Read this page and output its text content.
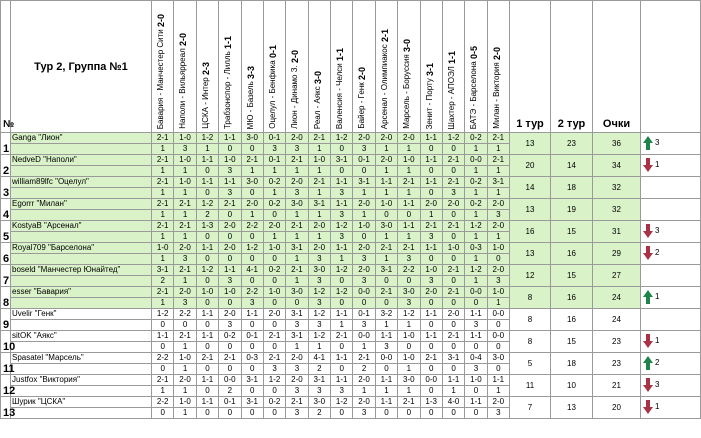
№	Тур 2, Группа №1	Бавария - Манчестер Сити 2-0	Наполи - Вильярреал 2-0	ЦСКА - Интер 2-3	Трабзонспор - Лилль 1-1	МЮ - Базель 3-3	Оцелул - Бенфика 0-1	Лион - Динамо З. 2-0	Реал - Аякс 3-0	Валенсия - Челси 1-1	Байер - Генк 2-0	Арсенал - Олимпиакос 2-1	Марсель - Боруссия 3-0	Зенит - Порту 3-1	Шахтер - АПОЭЛ 1-1	БАТЭ - Барселона 0-5	Милан - Виктория 2-0	1 тур	2 тур	Очки	
1	Ganga "Лион"	2-1	1-0	1-2	1-1	3-0	0-1	2-0	2-1	1-2	2-0	2-0	2-0	1-1	1-2	0-2	2-1	13	23	36	3

		1	3	1	0	0	3	3	1	0	3	1	1	0	0	1	1				
2	NedveD "Наполи"	2-1	1-0	1-1	1-0	2-1	0-1	2-1	1-0	3-1	0-1	2-0	1-0	1-1	2-1	0-0	2-1	20	14	34	1

		1	1	0	3	1	1	1	1	0	0	1	1	0	0	1	1				
3	william89lfc "Оцелул"	2-1	1-0	1-1	1-1	3-0	0-2	2-0	2-1	1-1	3-1	1-1	2-1	1-1	2-1	0-2	3-1	14	18	32	
		1	1	0	3	0	1	3	1	3	1	1	1	0	3	1	1				
4	Egorrr "Милан"	2-1	2-1	1-2	2-1	2-0	0-2	3-0	3-1	1-1	2-0	1-0	1-1	2-0	2-0	0-2	2-0	13	19	32	
		1	1	2	0	1	0	1	1	3	1	0	0	1	0	1	3				
5	KostyaB "Арсенал"	2-1	2-1	1-3	2-0	2-2	2-0	2-1	2-0	1-2	1-0	3-0	1-1	2-1	2-1	1-2	2-0	16	15	31	3

		1	1	0	0	0	1	1	1	3	0	1	1	3	0	1	1				
6	Royal709 "Барселона"	1-0	2-0	1-1	2-0	1-2	1-0	3-1	2-0	1-1	2-0	2-1	2-1	1-1	1-0	0-3	1-0	13	16	29	2

		1	3	0	0	0	0	1	3	1	3	1	3	0	0	1	0				
7	boseld "Манчестер Юнайтед"	3-1	2-1	1-2	1-1	4-1	0-2	2-1	3-0	1-2	2-0	3-1	2-2	1-0	2-1	1-2	2-0	12	15	27	
		2	1	0	3	0	0	1	3	0	3	0	0	3	0	1	3				
8	esser "Бавария"	2-1	2-0	1-0	1-0	2-2	1-0	3-0	1-2	1-2	0-0	2-1	3-0	2-0	2-1	0-0	1-0	8	16	24	1

		1	3	0	0	3	0	0	3	0	0	0	3	0	0	0	1				
9	Uvelir "Генк"	1-2	2-2	1-1	2-0	1-1	2-0	3-1	1-2	1-1	0-1	3-2	1-2	1-1	2-0	1-1	0-0	8	16	24	
		0	0	0	3	0	0	3	3	1	3	1	1	0	0	3	0				
10	sitOK "Аякс"	1-1	2-1	1-1	0-2	0-1	2-1	3-1	1-2	2-1	0-0	1-1	1-0	1-1	2-1	1-1	0-0	8	15	23	1

		0	1	0	0	0	0	1	1	0	1	3	0	0	0	0	0				
11	Spasatel "Марсель"	2-2	1-0	2-1	2-1	0-3	2-1	2-0	4-1	1-1	2-1	0-0	1-0	2-1	3-1	0-4	3-0	5	18	23	2

		0	1	0	0	0	3	3	2	0	2	0	1	0	0	3	0				
12	Justfox "Виктория"	2-1	2-0	1-1	0-0	3-1	1-2	2-0	3-1	1-1	2-0	1-1	3-0	0-0	1-1	1-0	1-1	11	10	21	3

		1	1	0	2	0	0	3	3	3	1	1	1	0	1	0	1				
13	Шурик "ЦСКА"	2-2	1-0	1-1	0-1	3-1	0-2	2-1	3-0	1-2	2-0	1-1	2-1	1-3	4-0	1-1	2-0	7	13	20	1

		0	1	0	0	0	0	3	2	0	3	0	0	0	0	0	3				
